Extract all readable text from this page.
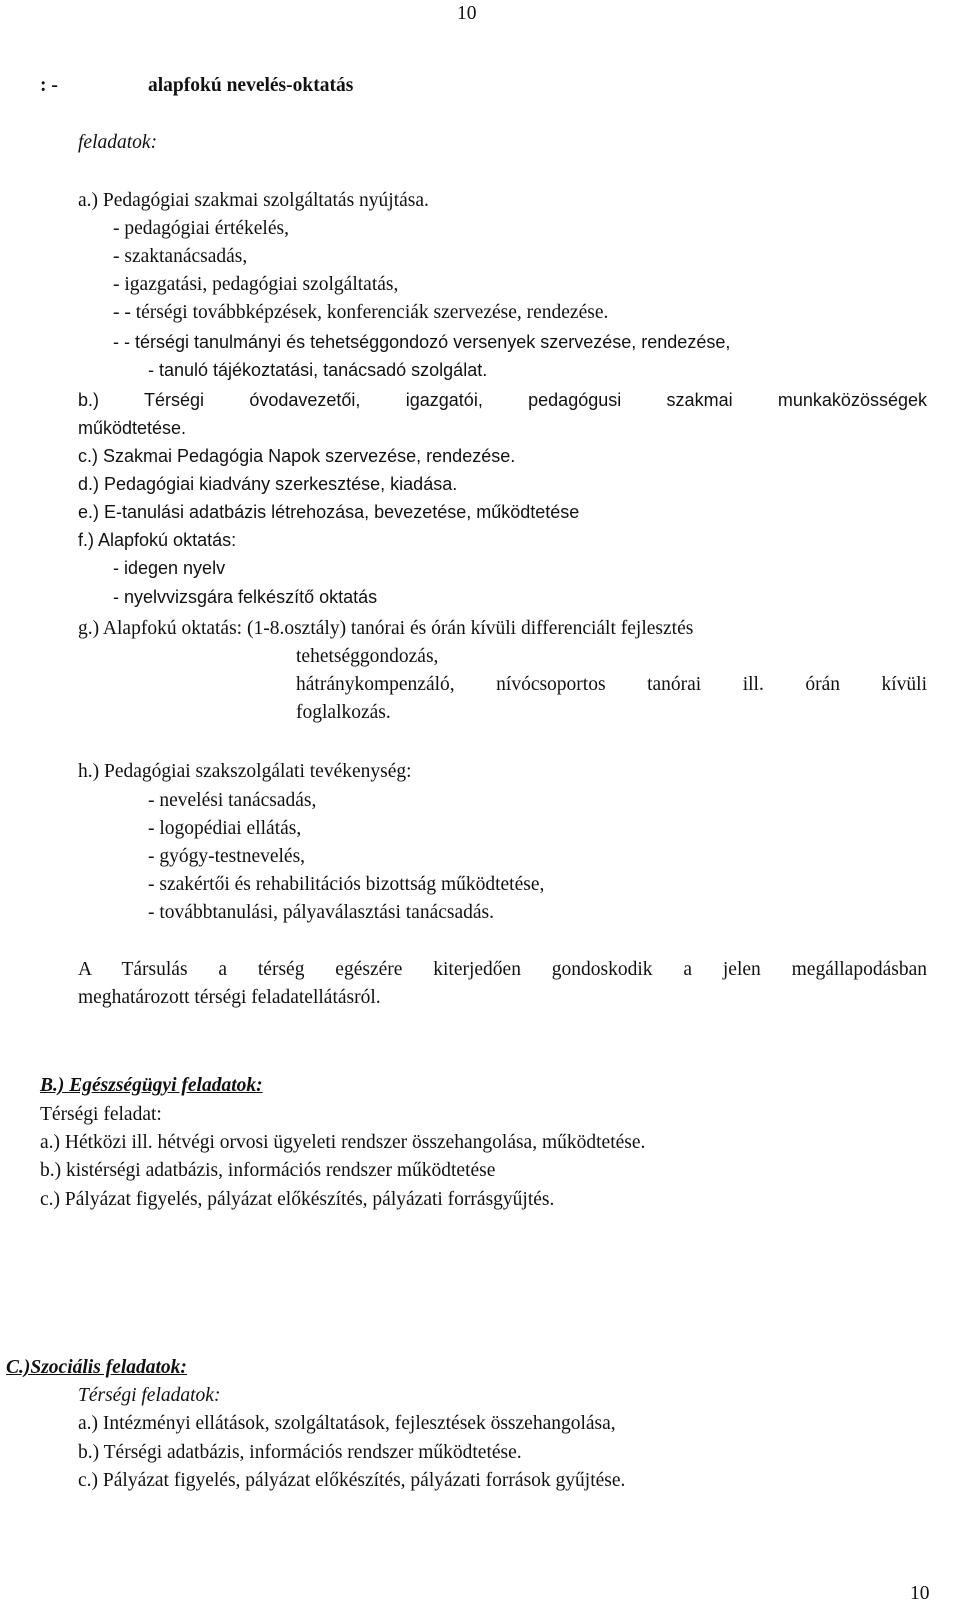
10
: -	alapfokú nevelés-oktatás
feladatok:
a.) Pedagógiai szakmai szolgáltatás nyújtása.
- pedagógiai értékelés,
- szaktanácsadás,
- igazgatási, pedagógiai szolgáltatás,
- - térségi továbbképzések, konferenciák szervezése, rendezése.
- - térségi tanulmányi és tehetséggondozó versenyek szervezése, rendezése,
- tanuló tájékoztatási, tanácsadó szolgálat.
b.) Térségi óvodavezetői, igazgatói, pedagógusi szakmai munkaközösségek
működtetése.
c.) Szakmai Pedagógia Napok szervezése, rendezése.
d.) Pedagógiai kiadvány szerkesztése, kiadása.
e.) E-tanulási adatbázis létrehozása, bevezetése, működtetése
f.) Alapfokú oktatás:
- idegen nyelv
- nyelvvizsgára felkészítő oktatás
g.) Alapfokú oktatás: (1-8.osztály) tanórai és órán kívüli differenciált fejlesztés
tehetséggondozás,
hátránykompenzáló, nívócsoportos tanórai ill. órán kívüli
foglalkozás.
h.) Pedagógiai szakszolgálati tevékenység:
- nevelési tanácsadás,
- logopédiai ellátás,
- gyógy-testnevelés,
- szakértői és rehabilitációs bizottság működtetése,
- továbbtanulási, pályaválasztási tanácsadás.
A Társulás a térség egészére kiterjedően gondoskodik a jelen megállapodásban
meghatározott térségi feladatellátásról.
B.) Egészségügyi feladatok:
Térségi feladat:
a.) Hétközi ill. hétvégi orvosi ügyeleti rendszer összehangolása, működtetése.
b.) kistérségi adatbázis, információs rendszer működtetése
c.) Pályázat figyelés, pályázat előkészítés, pályázati forrásgyűjtés.
C.)Szociális feladatok:
Térségi feladatok:
a.) Intézményi ellátások, szolgáltatások, fejlesztések összehangolása,
b.) Térségi adatbázis, információs rendszer működtetése.
c.) Pályázat figyelés, pályázat előkészítés, pályázati források gyűjtése.
10
